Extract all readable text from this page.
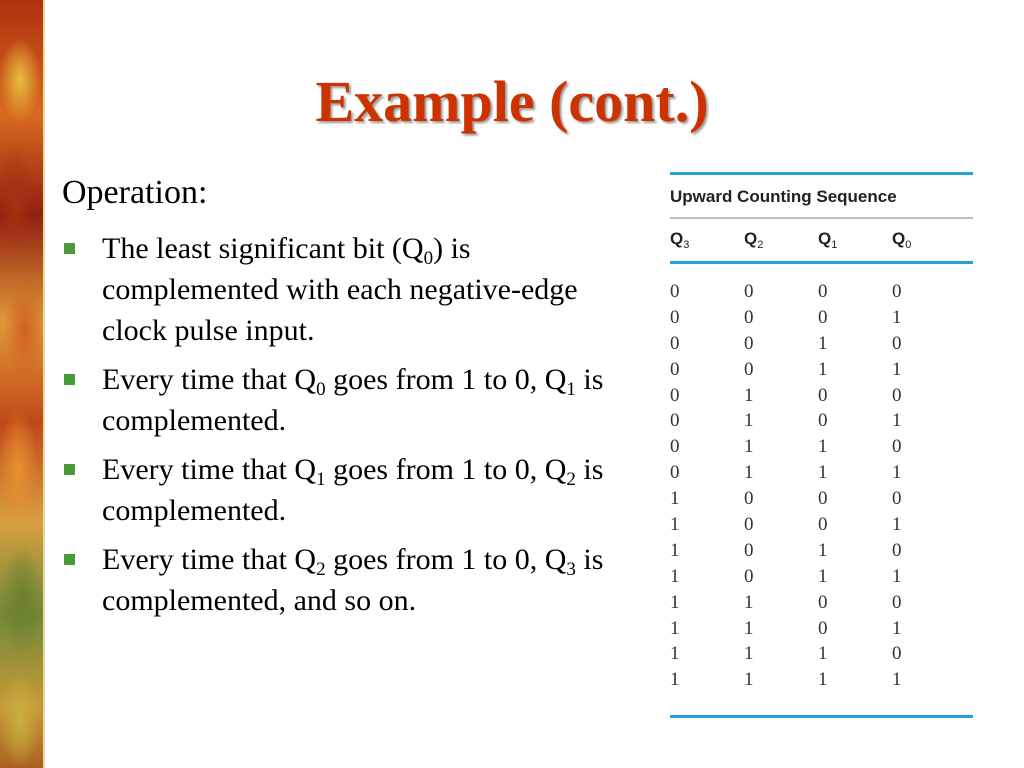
Example (cont.)
Operation:
The least significant bit $(Q_0)$ is complemented with each negative-edge clock pulse input.
Every time that $Q_0$ goes from 1 to 0, $Q_1$ is complemented.
Every time that $Q_1$ goes from 1 to 0, $Q_2$ is complemented.
Every time that $Q_2$ goes from 1 to 0, $Q_3$ is complemented, and so on.
Upward Counting Sequence
$Q_3$	$Q_2$	$Q_1$	$Q_0$
0	0	0	0
0	0	0	1
0	0	1	0
0	0	1	1
0	1	0	0
0	1	0	1
0	1	1	0
0	1	1	1
1	0	0	0
1	0	0	1
1	0	1	0
1	0	1	1
1	1	0	0
1	1	0	1
1	1	1	0
1	1	1	1
